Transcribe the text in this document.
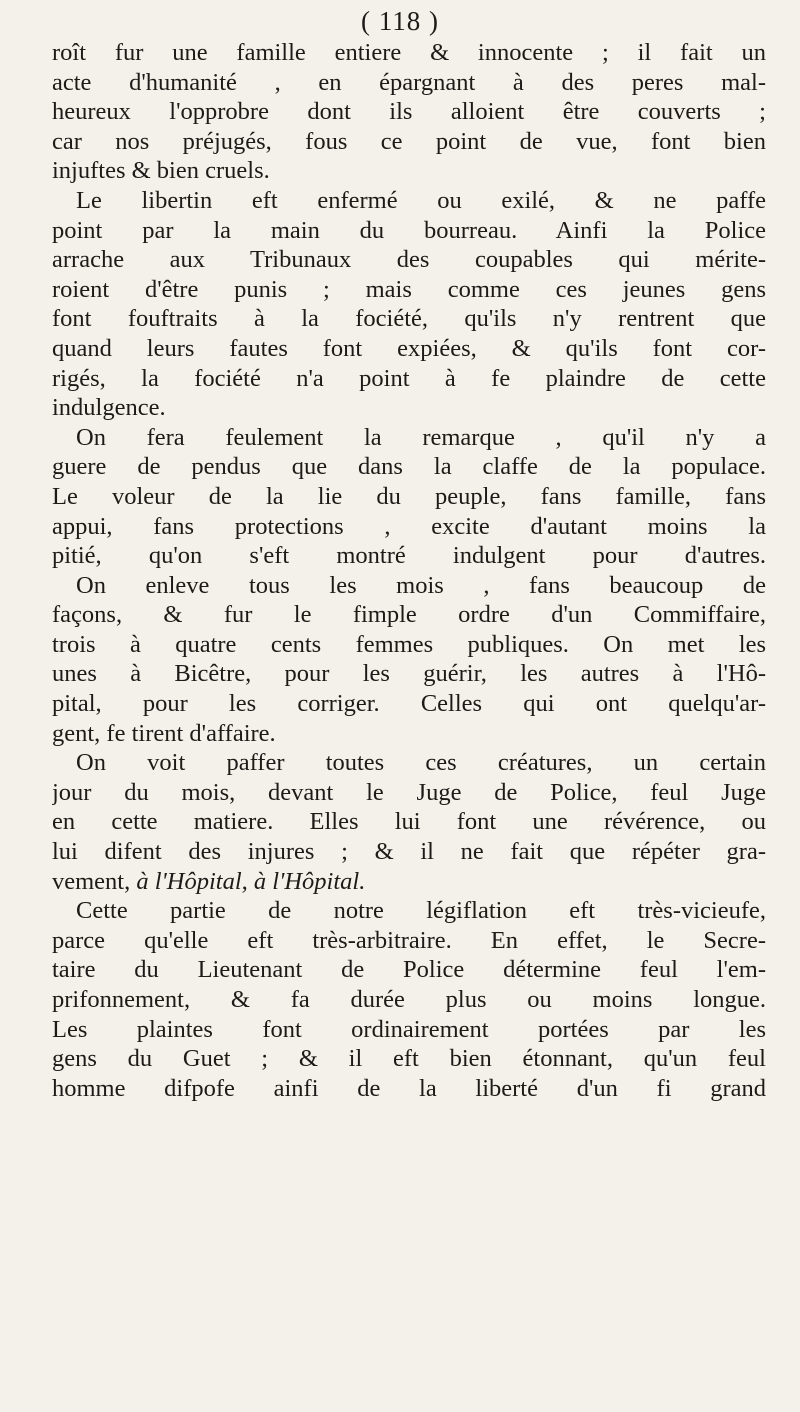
( 118 )
roît fur une famille entiere & innocente ; il fait un
acte d'humanité , en épargnant à des peres mal-
heureux l'opprobre dont ils alloient être couverts ;
car nos préjugés, fous ce point de vue, font bien
injuftes & bien cruels.
Le libertin eft enfermé ou exilé, & ne paffe
point par la main du bourreau. Ainfi la Police
arrache aux Tribunaux des coupables qui mérite-
roient d'être punis ; mais comme ces jeunes gens
font fouftraits à la fociété, qu'ils n'y rentrent que
quand leurs fautes font expiées, & qu'ils font cor-
rigés, la fociété n'a point à fe plaindre de cette
indulgence.
On fera feulement la remarque , qu'il n'y a
guere de pendus que dans la claffe de la populace.
Le voleur de la lie du peuple, fans famille, fans
appui, fans protections , excite d'autant moins la
pitié, qu'on s'eft montré indulgent pour d'autres.
On enleve tous les mois , fans beaucoup de
façons, & fur le fimple ordre d'un Commiffaire,
trois à quatre cents femmes publiques. On met les
unes à Bicêtre, pour les guérir, les autres à l'Hô-
pital, pour les corriger. Celles qui ont quelqu'ar-
gent, fe tirent d'affaire.
On voit paffer toutes ces créatures, un certain
jour du mois, devant le Juge de Police, feul Juge
en cette matiere. Elles lui font une révérence, ou
lui difent des injures ; & il ne fait que répéter gra-
vement, à l'Hôpital, à l'Hôpital.
Cette partie de notre légiflation eft très-vicieufe,
parce qu'elle eft très-arbitraire. En effet, le Secre-
taire du Lieutenant de Police détermine feul l'em-
prifonnement, & fa durée plus ou moins longue.
Les plaintes font ordinairement portées par les
gens du Guet ; & il eft bien étonnant, qu'un feul
homme difpofe ainfi de la liberté d'un fi grand
